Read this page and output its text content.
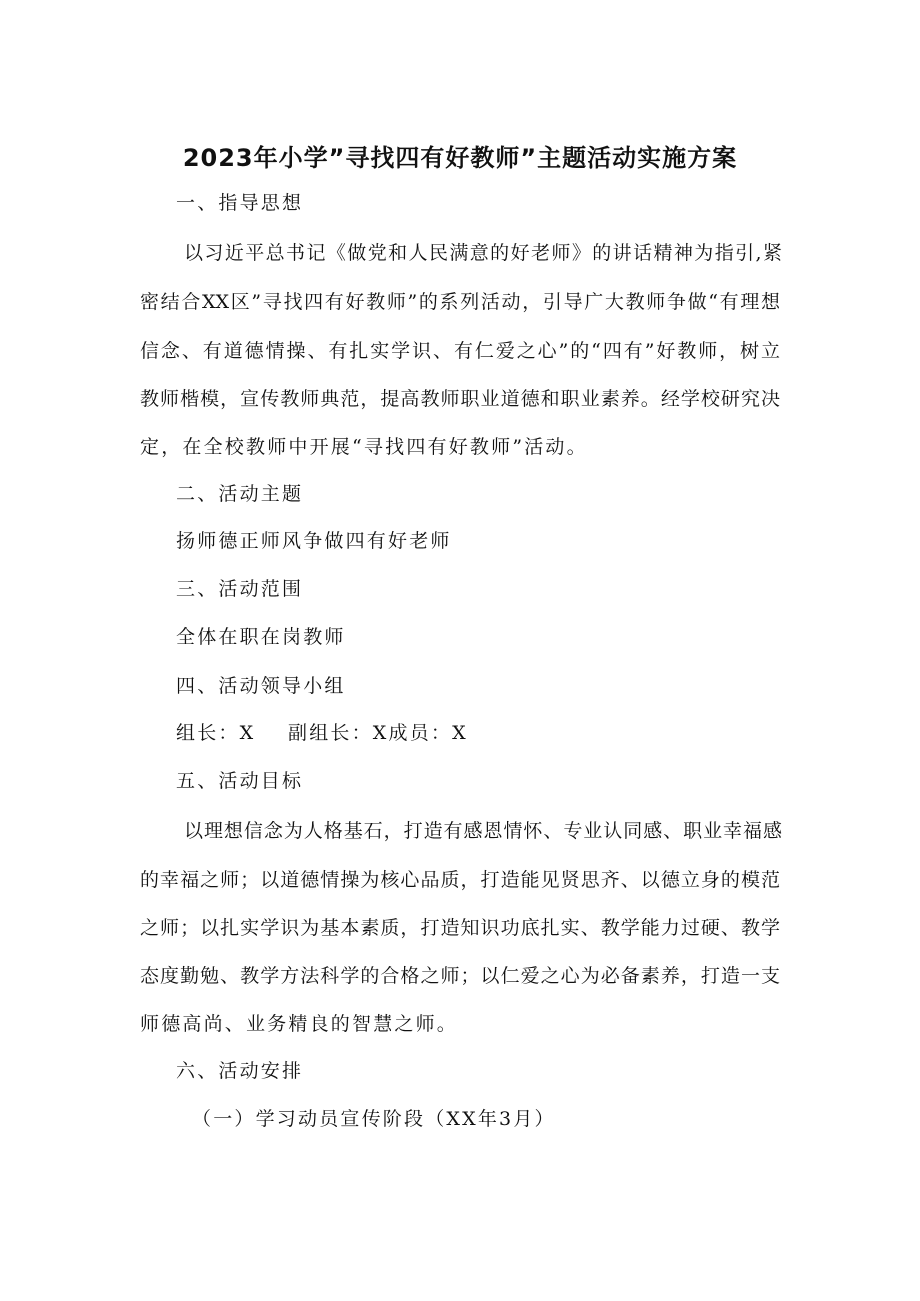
2023年小学”寻找四有好教师”主题活动实施方案
一、指导思想
以习近平总书记《做党和人民满意的好老师》的讲话精神为指引,紧
密结合XX区”寻找四有好教师”的系列活动，引导广大教师争做“有理想
信念、有道德情操、有扎实学识、有仁爱之心”的“四有”好教师，树立
教师楷模，宣传教师典范，提高教师职业道德和职业素养。经学校研究决
定，在全校教师中开展“寻找四有好教师”活动。
二、活动主题
扬师德正师风争做四有好老师
三、活动范围
全体在职在岗教师
四、活动领导小组
组长：X 副组长：X成员：X
五、活动目标
以理想信念为人格基石，打造有感恩情怀、专业认同感、职业幸福感
的幸福之师；以道德情操为核心品质，打造能见贤思齐、以德立身的模范
之师；以扎实学识为基本素质，打造知识功底扎实、教学能力过硬、教学
态度勤勉、教学方法科学的合格之师；以仁爱之心为必备素养，打造一支
师德高尚、业务精良的智慧之师。
六、活动安排
（一）学习动员宣传阶段（XX年3月）
